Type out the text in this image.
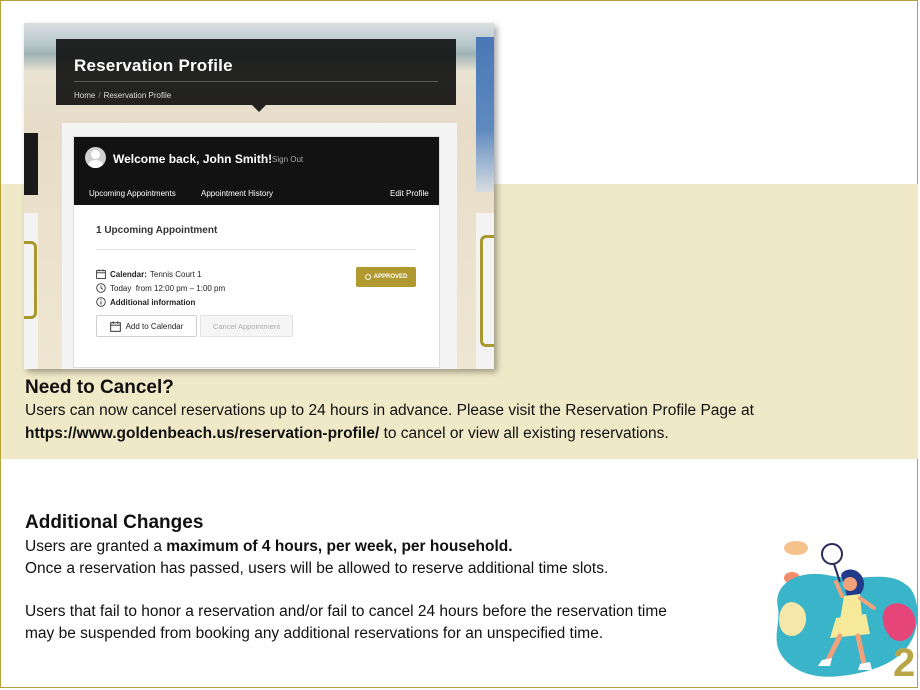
Reservation Profile
Home / Reservation Profile
Welcome back, John Smith! Sign Out
Upcoming Appointments	Appointment History	Edit Profile
1 Upcoming Appointment
Calendar: Tennis Court 1
Today  from 12:00 pm – 1:00 pm
Additional information
APPROVED
Add to Calendar	Cancel Appointment
Need to Cancel?
Users can now cancel reservations up to 24 hours in advance. Please visit the Reservation Profile Page at
https://www.goldenbeach.us/reservation-profile/ to cancel or view all existing reservations.
Additional Changes
Users are granted a maximum of 4 hours, per week, per household.
Once a reservation has passed, users will be allowed to reserve additional time slots.
Users that fail to honor a reservation and/or fail to cancel 24 hours before the reservation time
may be suspended from booking any additional reservations for an unspecified time.
2
